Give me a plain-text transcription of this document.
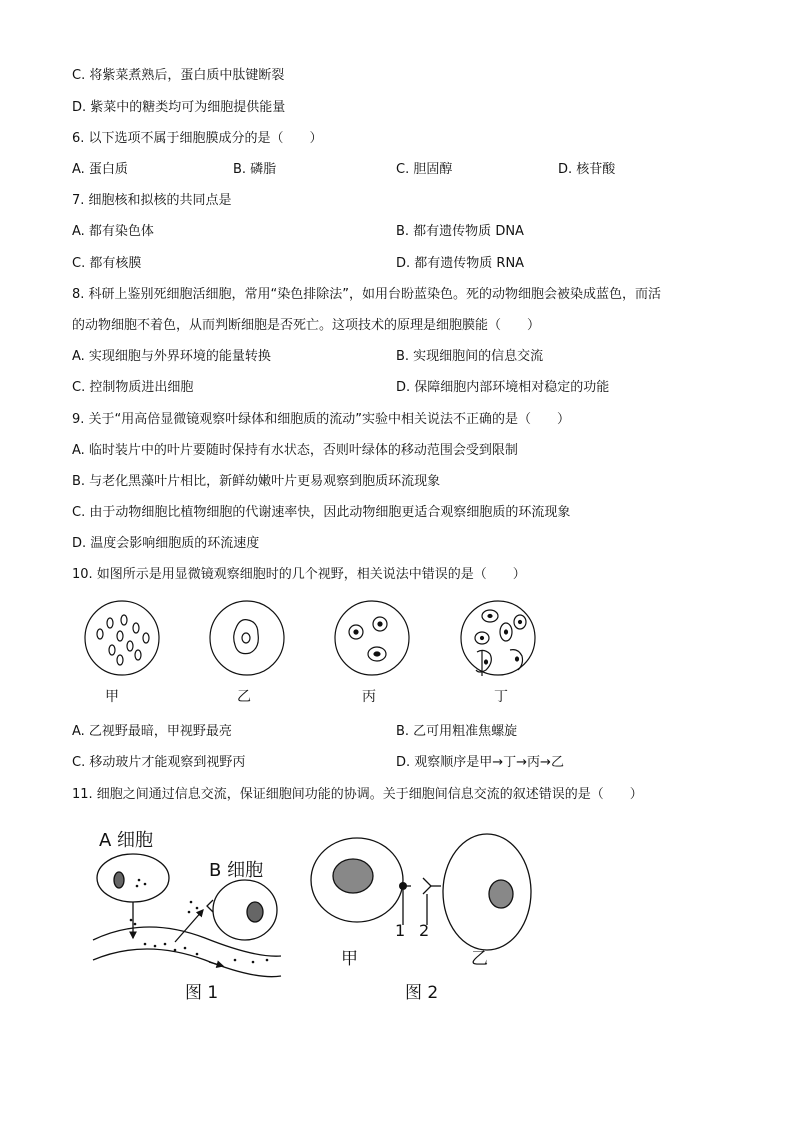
C. 将紫菜煮熟后，蛋白质中肽键断裂
D. 紫菜中的糖类均可为细胞提供能量
6. 以下选项不属于细胞膜成分的是（　　）
A. 蛋白质	B. 磷脂	C. 胆固醇	D. 核苷酸
7. 细胞核和拟核的共同点是
A. 都有染色体	B. 都有遗传物质 DNA
C. 都有核膜	D. 都有遗传物质 RNA
8. 科研上鉴别死细胞活细胞，常用“染色排除法”，如用台盼蓝染色。死的动物细胞会被染成蓝色，而活
的动物细胞不着色，从而判断细胞是否死亡。这项技术的原理是细胞膜能（　　）
A. 实现细胞与外界环境的能量转换	B. 实现细胞间的信息交流
C. 控制物质进出细胞	D. 保障细胞内部环境相对稳定的功能
9. 关于“用高倍显微镜观察叶绿体和细胞质的流动”实验中相关说法不正确的是（　　）
A. 临时装片中的叶片要随时保持有水状态，否则叶绿体的移动范围会受到限制
B. 与老化黑藻叶片相比，新鲜幼嫩叶片更易观察到胞质环流现象
C. 由于动物细胞比植物细胞的代谢速率快，因此动物细胞更适合观察细胞质的环流现象
D. 温度会影响细胞质的环流速度
10. 如图所示是用显微镜观察细胞时的几个视野，相关说法中错误的是（　　）
甲	乙	丙	丁
A. 乙视野最暗，甲视野最亮	B. 乙可用粗准焦螺旋
C. 移动玻片才能观察到视野丙	D. 观察顺序是甲→丁→丙→乙
11. 细胞之间通过信息交流，保证细胞间功能的协调。关于细胞间信息交流的叙述错误的是（　　）
A 细胞
B 细胞
1 2
甲	乙
图 1	图 2
